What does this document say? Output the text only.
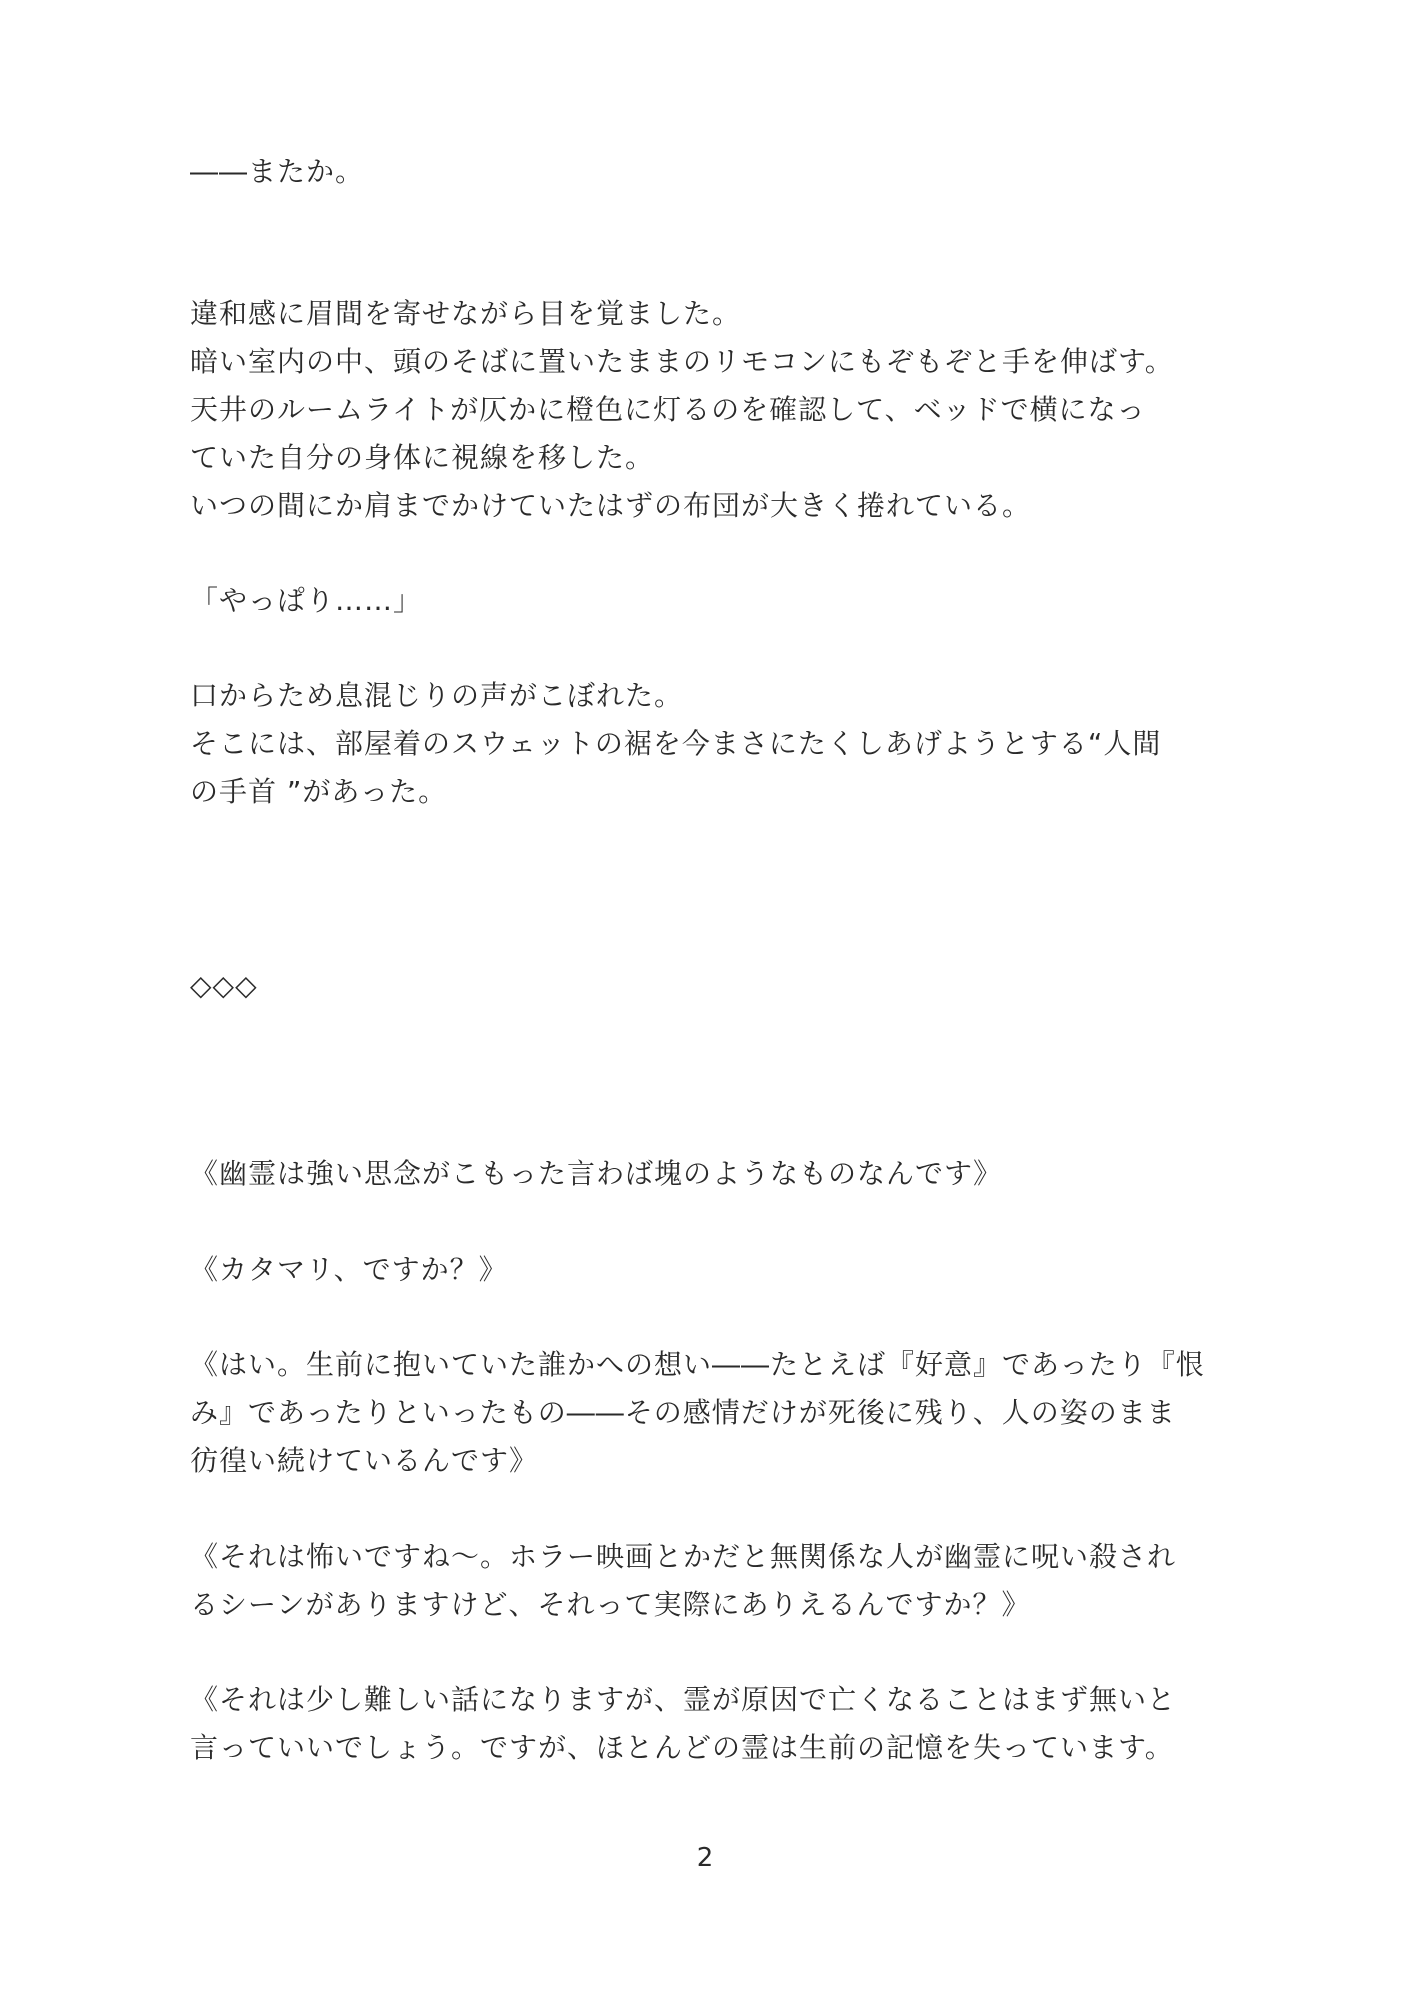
――またか。
違和感に眉間を寄せながら目を覚ました。
暗い室内の中、頭のそばに置いたままのリモコンにもぞもぞと手を伸ばす。
天井のルームライトが仄かに橙色に灯るのを確認して、ベッドで横になっ
ていた自分の身体に視線を移した。
いつの間にか肩までかけていたはずの布団が大きく捲れている。
「やっぱり……」
口からため息混じりの声がこぼれた。
そこには、部屋着のスウェットの裾を今まさにたくしあげようとする“人間
の手首 ”があった。
◇◇◇
《幽霊は強い思念がこもった言わば塊のようなものなんです》
《カタマリ、ですか？》
《はい。生前に抱いていた誰かへの想い――たとえば『好意』であったり『恨
み』であったりといったもの――その感情だけが死後に残り、人の姿のまま
彷徨い続けているんです》
《それは怖いですね～。ホラー映画とかだと無関係な人が幽霊に呪い殺され
るシーンがありますけど、それって実際にありえるんですか？》
《それは少し難しい話になりますが、霊が原因で亡くなることはまず無いと
言っていいでしょう。ですが、ほとんどの霊は生前の記憶を失っています。
2
